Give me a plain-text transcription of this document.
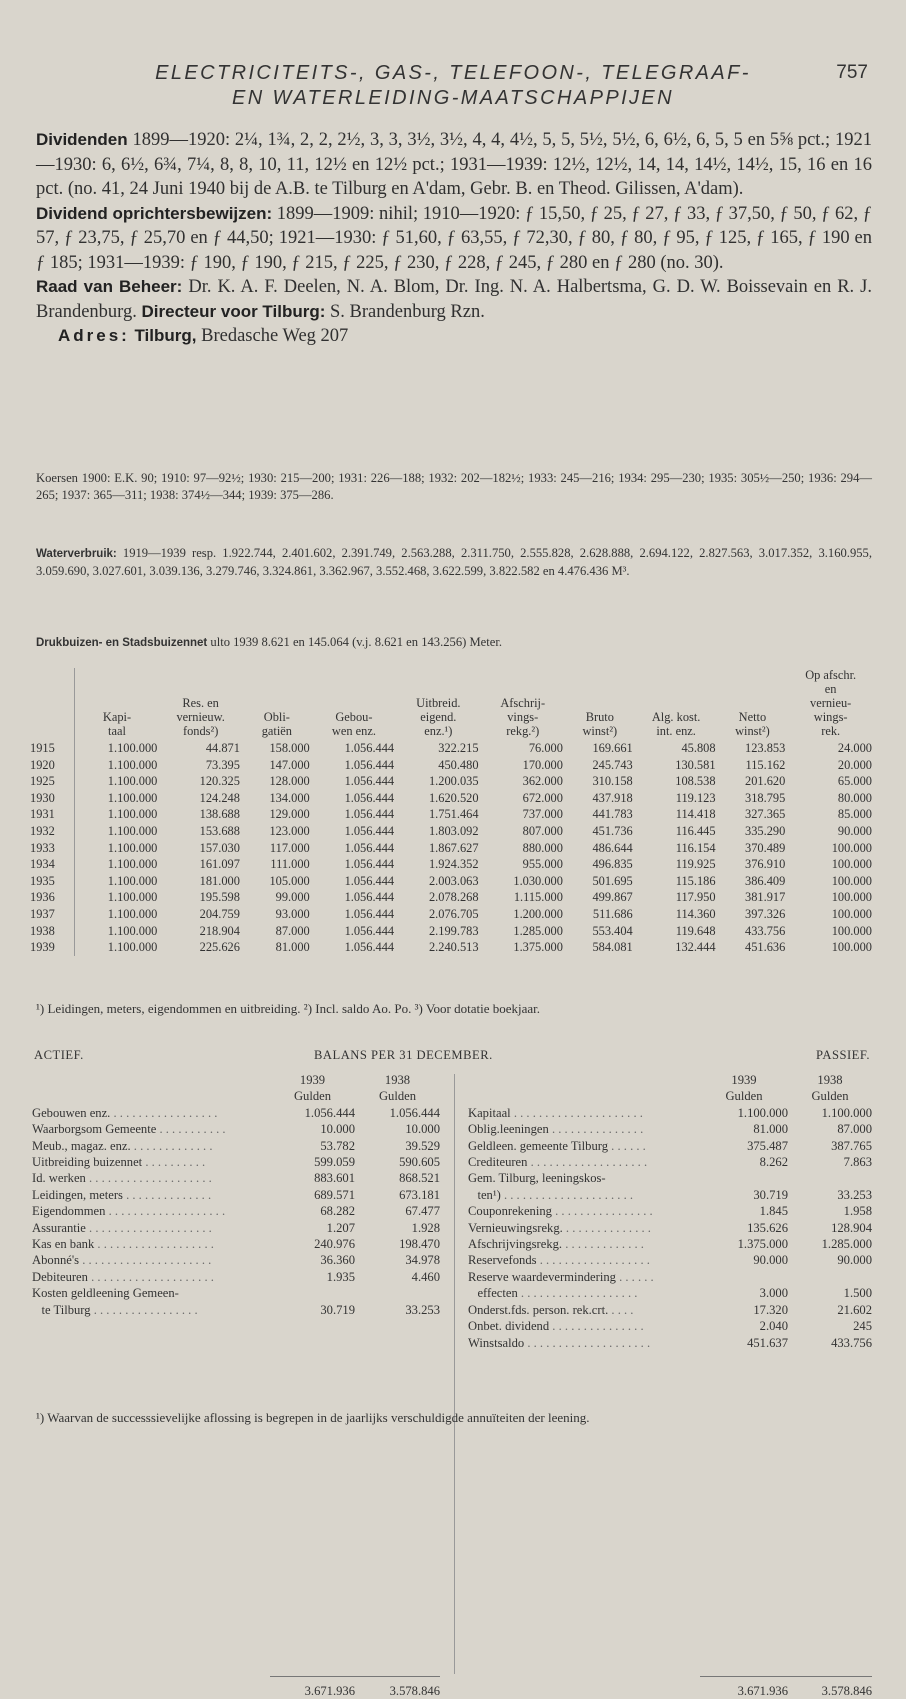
ELECTRICITEITS-, GAS-, TELEFOON-, TELEGRAAF-
EN WATERLEIDING-MAATSCHAPPIJEN
757

Dividenden 1899—1920: 2¼, 1¾, 2, 2, 2½, 3, 3, 3½, 3½, 4, 4, 4½, 5, 5, 5½, 5½, 6, 6½, 6, 5, 5 en 5⅝ pct.; 1921—1930: 6, 6½, 6¾, 7¼, 8, 8, 10, 11, 12½ en 12½ pct.; 1931—1939: 12½, 12½, 14, 14, 14½, 14½, 15, 16 en 16 pct. (no. 41, 24 Juni 1940 bij de A.B. te Tilburg en A'dam, Gebr. B. en Theod. Gilissen, A'dam).

Dividend oprichtersbewijzen: 1899—1909: nihil; 1910—1920: ƒ 15,50, ƒ 25, ƒ 27, ƒ 33, ƒ 37,50, ƒ 50, ƒ 62, ƒ 57, ƒ 23,75, ƒ 25,70 en ƒ 44,50; 1921—1930: ƒ 51,60, ƒ 63,55, ƒ 72,30, ƒ 80, ƒ 80, ƒ 95, ƒ 125, ƒ 165, ƒ 190 en ƒ 185; 1931—1939: ƒ 190, ƒ 190, ƒ 215, ƒ 225, ƒ 230, ƒ 228, ƒ 245, ƒ 280 en ƒ 280 (no. 30).

Raad van Beheer: Dr. K. A. F. Deelen, N. A. Blom, Dr. Ing. N. A. Halbertsma, G. D. W. Boissevain en R. J. Brandenburg. Directeur voor Tilburg: S. Brandenburg Rzn.

Adres: Tilburg, Bredasche Weg 207

Koersen 1900: E.K. 90; 1910: 97—92½; 1930: 215—200; 1931: 226—188; 1932: 202—182½; 1933: 245—216; 1934: 295—230; 1935: 305½—250; 1936: 294—265; 1937: 365—311; 1938: 374½—344; 1939: 375—286.
Waterverbruik: 1919—1939 resp. 1.922.744, 2.401.602, 2.391.749, 2.563.288, 2.311.750, 2.555.828, 2.628.888, 2.694.122, 2.827.563, 3.017.352, 3.160.955, 3.059.690, 3.027.601, 3.039.136, 3.279.746, 3.324.861, 3.362.967, 3.552.468, 3.622.599, 3.822.582 en 4.476.436 M³.
Drukbuizen- en Stadsbuizennet ulto 1939 8.621 en 145.064 (v.j. 8.621 en 143.256) Meter.
	Kapi-
taal	Res. en
vernieuw.
fonds²)	Obli-
gatiën	Gebou-
wen enz.	Uitbreid.
eigend.
enz.¹)	Afschrij-
vings-
rekg.²)	Bruto
winst²)	Alg. kost.
int. enz.	Netto
winst²)	Op afschr.
en
vernieu-
wings-
rek.
1915	1.100.000	44.871	158.000	1.056.444	322.215	76.000	169.661	45.808	123.853	24.000
1920	1.100.000	73.395	147.000	1.056.444	450.480	170.000	245.743	130.581	115.162	20.000
1925	1.100.000	120.325	128.000	1.056.444	1.200.035	362.000	310.158	108.538	201.620	65.000
1930	1.100.000	124.248	134.000	1.056.444	1.620.520	672.000	437.918	119.123	318.795	80.000
1931	1.100.000	138.688	129.000	1.056.444	1.751.464	737.000	441.783	114.418	327.365	85.000
1932	1.100.000	153.688	123.000	1.056.444	1.803.092	807.000	451.736	116.445	335.290	90.000
1933	1.100.000	157.030	117.000	1.056.444	1.867.627	880.000	486.644	116.154	370.489	100.000
1934	1.100.000	161.097	111.000	1.056.444	1.924.352	955.000	496.835	119.925	376.910	100.000
1935	1.100.000	181.000	105.000	1.056.444	2.003.063	1.030.000	501.695	115.186	386.409	100.000
1936	1.100.000	195.598	99.000	1.056.444	2.078.268	1.115.000	499.867	117.950	381.917	100.000
1937	1.100.000	204.759	93.000	1.056.444	2.076.705	1.200.000	511.686	114.360	397.326	100.000
1938	1.100.000	218.904	87.000	1.056.444	2.199.783	1.285.000	553.404	119.648	433.756	100.000
1939	1.100.000	225.626	81.000	1.056.444	2.240.513	1.375.000	584.081	132.444	451.636	100.000
¹) Leidingen, meters, eigendommen en uitbreiding. ²) Incl. saldo Ao. Po. ³) Voor dotatie boekjaar.
ACTIEF.	BALANS PER 31 DECEMBER.	PASSIEF.
	1939	1938
	Gulden	Gulden
Gebouwen enz. . . . . . . . . . . . . . . . . .	1.056.444	1.056.444
Waarborgsom Gemeente . . . . . . . . . . .	10.000	10.000
Meub., magaz. enz. . . . . . . . . . . . . .	53.782	39.529
Uitbreiding buizennet . . . . . . . . . .	599.059	590.605
Id. werken . . . . . . . . . . . . . . . . . . . .	883.601	868.521
Leidingen, meters . . . . . . . . . . . . . .	689.571	673.181
Eigendommen . . . . . . . . . . . . . . . . . . .	68.282	67.477
Assurantie . . . . . . . . . . . . . . . . . . . .	1.207	1.928
Kas en bank . . . . . . . . . . . . . . . . . . .	240.976	198.470
Abonné's . . . . . . . . . . . . . . . . . . . . .	36.360	34.978
Debiteuren . . . . . . . . . . . . . . . . . . . .	1.935	4.460
Kosten geldleening Gemeen-		
te Tilburg . . . . . . . . . . . . . . . . .	30.719	33.253
	1939	1938
	Gulden	Gulden
Kapitaal . . . . . . . . . . . . . . . . . . . . .	1.100.000	1.100.000
Oblig.leeningen . . . . . . . . . . . . . . .	81.000	87.000
Geldleen. gemeente Tilburg . . . . . .	375.487	387.765
Crediteuren . . . . . . . . . . . . . . . . . . .	8.262	7.863
Gem. Tilburg, leeningskos-		
ten¹) . . . . . . . . . . . . . . . . . . . . .	30.719	33.253
Couponrekening . . . . . . . . . . . . . . . .	1.845	1.958
Vernieuwingsrekg. . . . . . . . . . . . . . .	135.626	128.904
Afschrijvingsrekg. . . . . . . . . . . . . .	1.375.000	1.285.000
Reservefonds . . . . . . . . . . . . . . . . . .	90.000	90.000
Reserve waardevermindering . . . . . .		
effecten . . . . . . . . . . . . . . . . . . .	3.000	1.500
Onderst.fds. person. rek.crt. . . . .	17.320	21.602
Onbet. dividend . . . . . . . . . . . . . . .	2.040	245
Winstsaldo . . . . . . . . . . . . . . . . . . . .	451.637	433.756
3.671.936	3.578.846	3.671.936	3.578.846
¹) Waarvan de successsievelijke aflossing is begrepen in de jaarlijks verschuldigde annuïteiten der leening.
